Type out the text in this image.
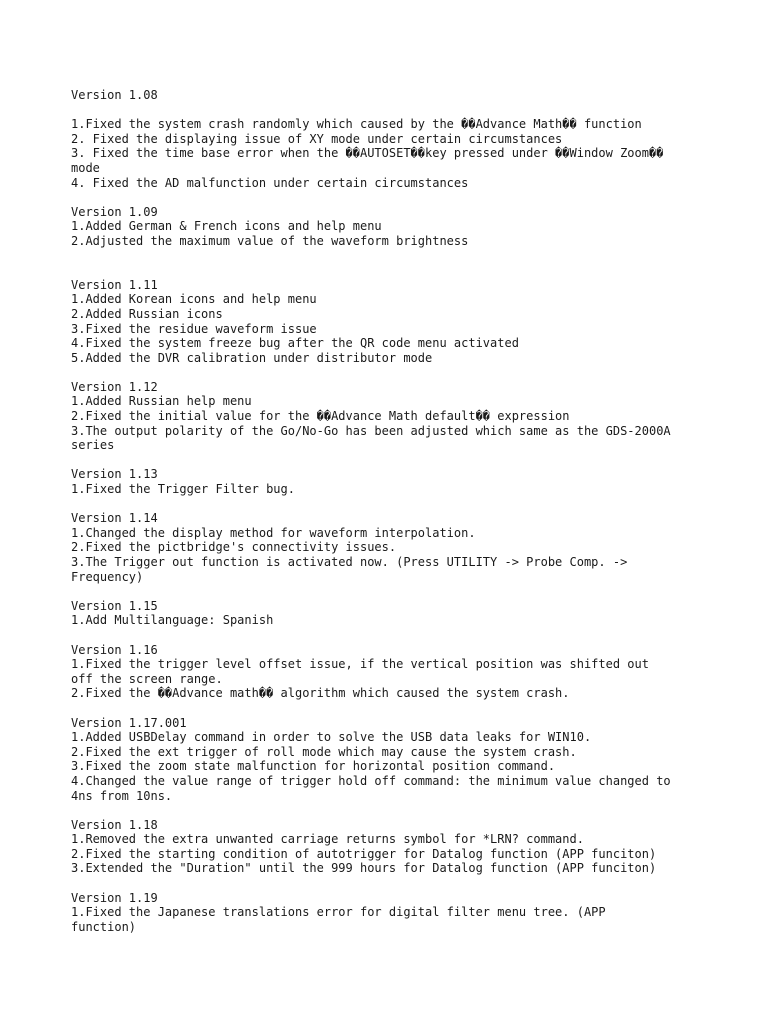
Version 1.08
1.Fixed the system crash randomly which caused by the ��Advance Math�� function
2. Fixed the displaying issue of XY mode under certain circumstances
3. Fixed the time base error when the ��AUTOSET��key pressed under ��Window Zoom��
mode
4. Fixed the AD malfunction under certain circumstances
Version 1.09
1.Added German & French icons and help menu
2.Adjusted the maximum value of the waveform brightness
Version 1.11
1.Added Korean icons and help menu
2.Added Russian icons
3.Fixed the residue waveform issue
4.Fixed the system freeze bug after the QR code menu activated
5.Added the DVR calibration under distributor mode
Version 1.12
1.Added Russian help menu
2.Fixed the initial value for the ��Advance Math default�� expression
3.The output polarity of the Go/No-Go has been adjusted which same as the GDS-2000A
series
Version 1.13
1.Fixed the Trigger Filter bug.
Version 1.14
1.Changed the display method for waveform interpolation.
2.Fixed the pictbridge's connectivity issues.
3.The Trigger out function is activated now. (Press UTILITY -> Probe Comp. ->
Frequency)
Version 1.15
1.Add Multilanguage: Spanish
Version 1.16
1.Fixed the trigger level offset issue, if the vertical position was shifted out
off the screen range.
2.Fixed the ��Advance math�� algorithm which caused the system crash.
Version 1.17.001
1.Added USBDelay command in order to solve the USB data leaks for WIN10.
2.Fixed the ext trigger of roll mode which may cause the system crash.
3.Fixed the zoom state malfunction for horizontal position command.
4.Changed the value range of trigger hold off command: the minimum value changed to
4ns from 10ns.
Version 1.18
1.Removed the extra unwanted carriage returns symbol for *LRN? command.
2.Fixed the starting condition of autotrigger for Datalog function (APP funciton)
3.Extended the "Duration" until the 999 hours for Datalog function (APP funciton)
Version 1.19
1.Fixed the Japanese translations error for digital filter menu tree. (APP
function)
